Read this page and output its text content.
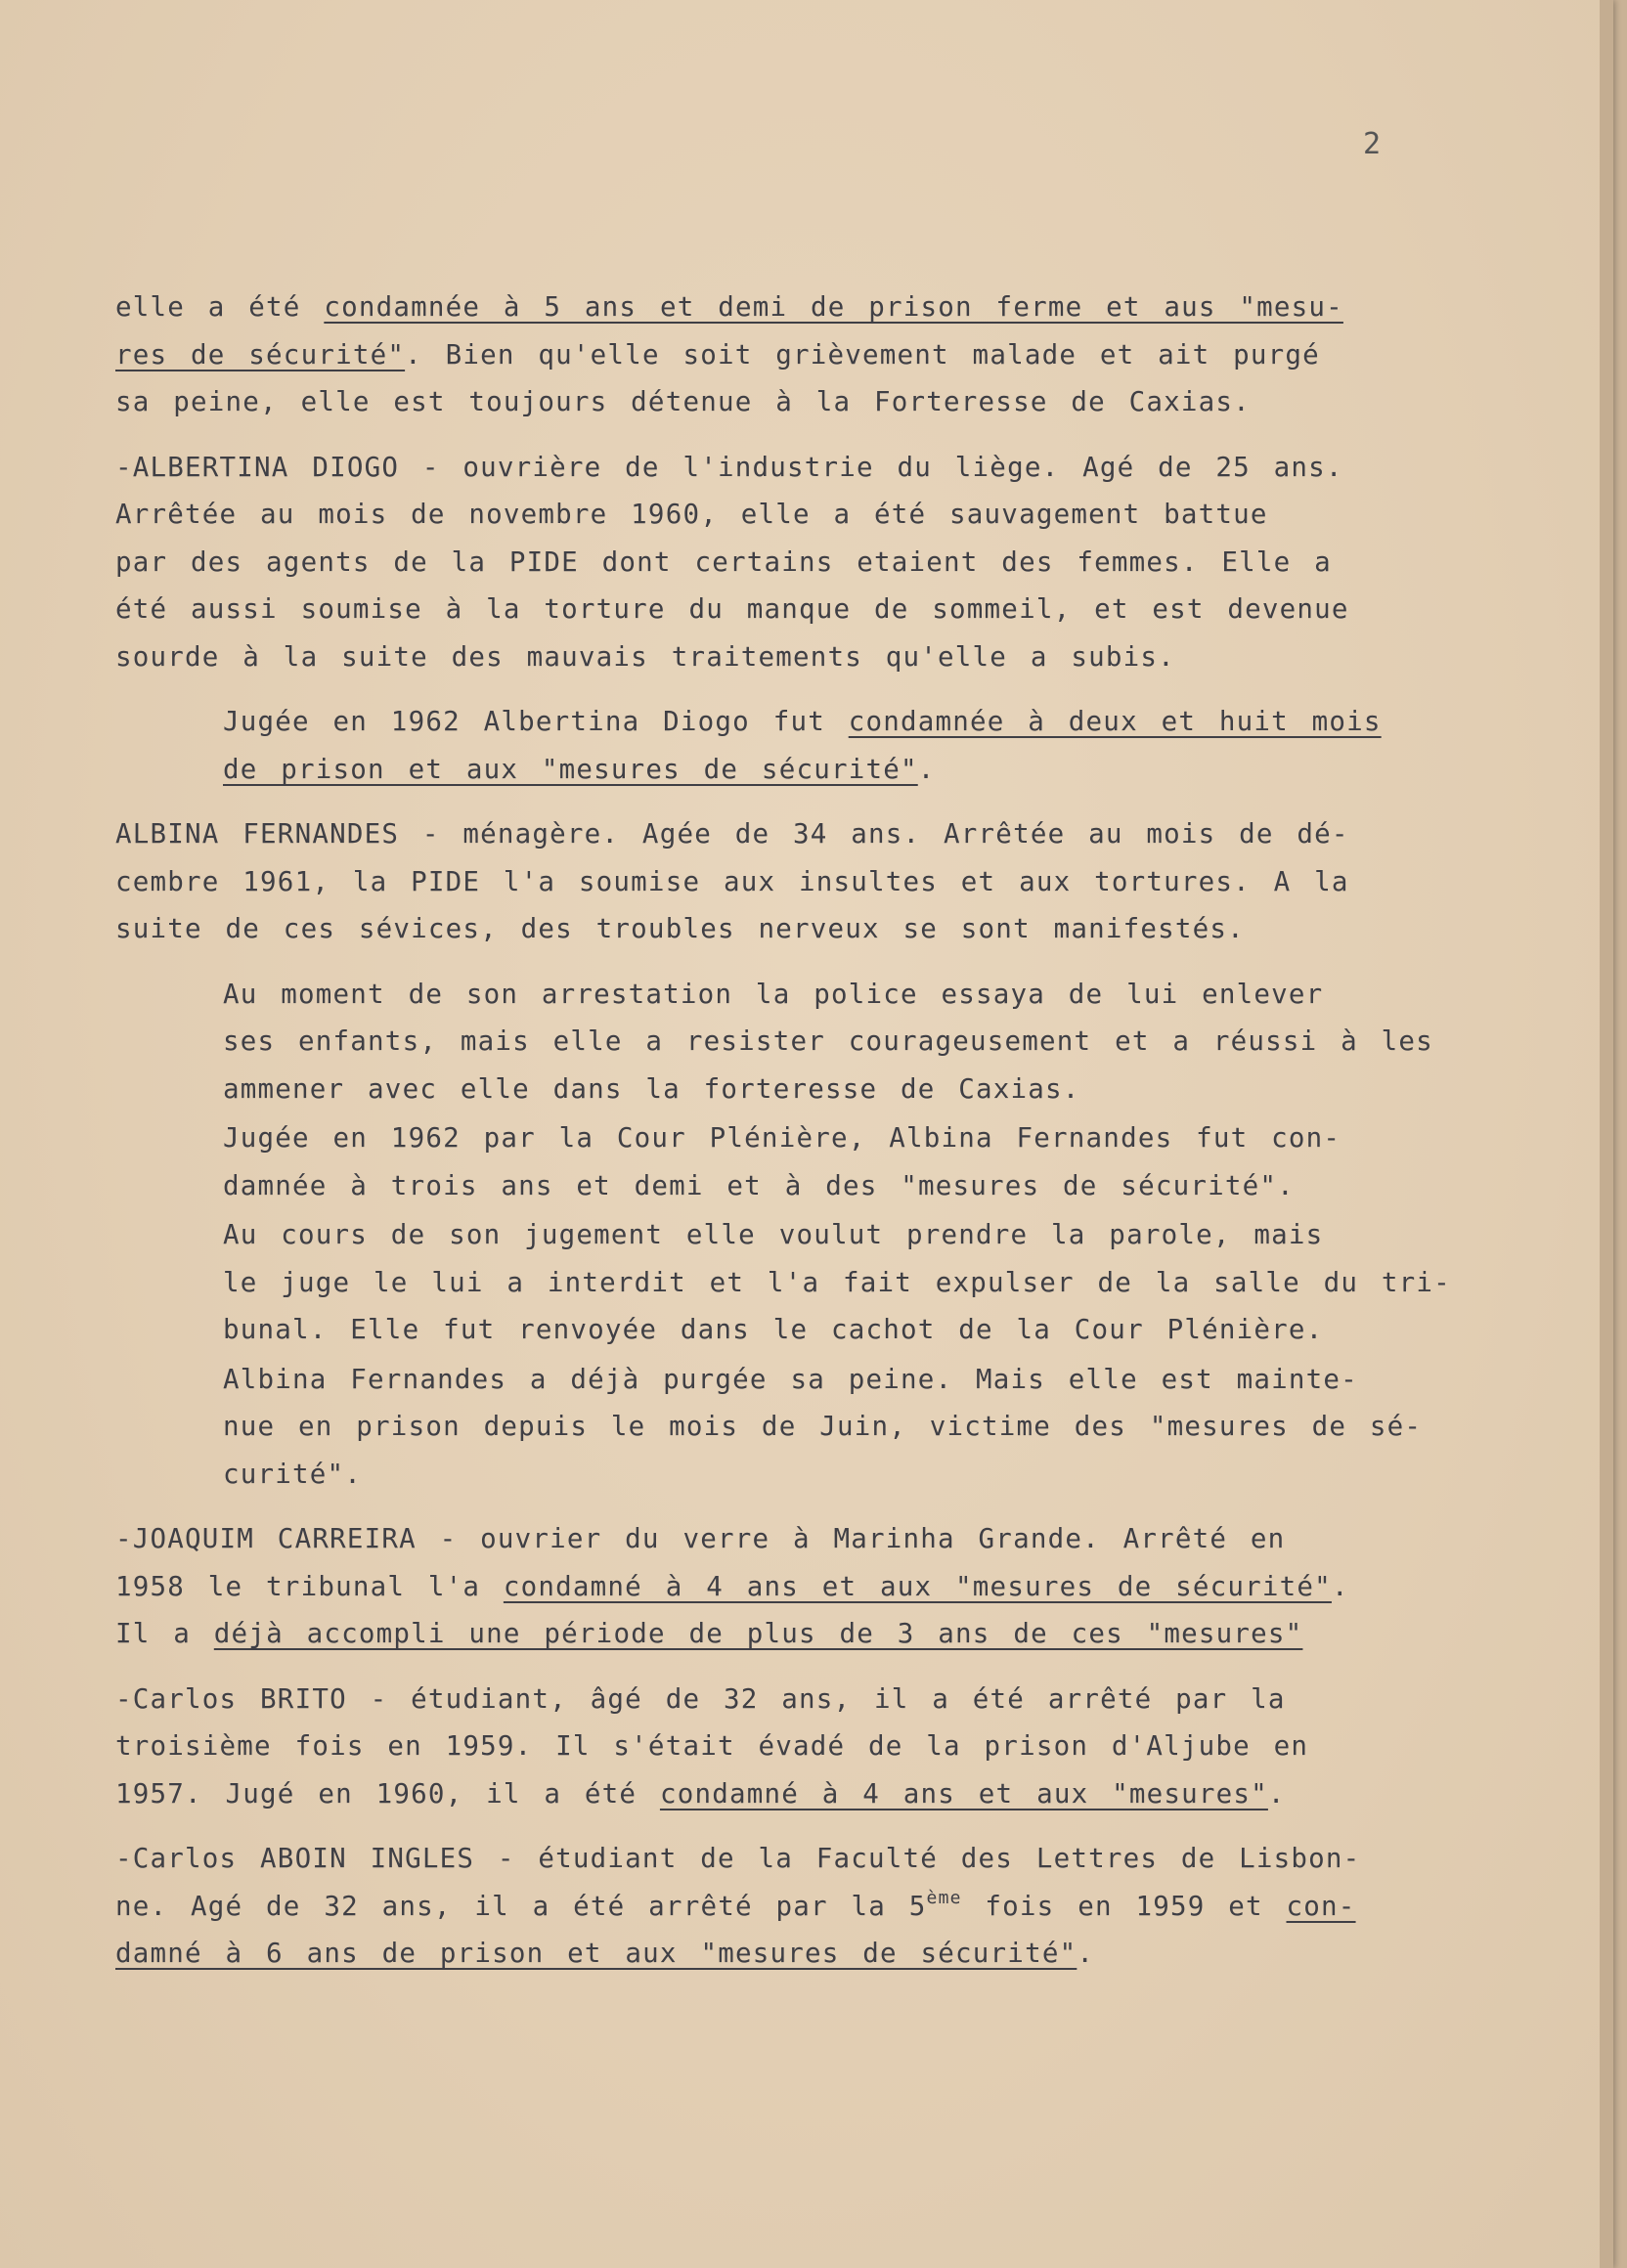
2
elle a été condamnée à 5 ans et demi de prison ferme et aus "mesu-
res de sécurité". Bien qu'elle soit grièvement malade et ait purgé
sa peine, elle est toujours détenue à la Forteresse de Caxias.
-ALBERTINA DIOGO - ouvrière de l'industrie du liège. Agé de 25 ans.
Arrêtée au mois de novembre 1960, elle a été sauvagement battue
par des agents de la PIDE dont certains etaient des femmes. Elle a
été aussi soumise à la torture du manque de sommeil, et est devenue
sourde à la suite des mauvais traitements qu'elle a subis.
Jugée en 1962 Albertina Diogo fut condamnée à deux et huit mois
de prison et aux "mesures de sécurité".
ALBINA FERNANDES - ménagère. Agée de 34 ans. Arrêtée au mois de dé-
cembre 1961, la PIDE l'a soumise aux insultes et aux tortures. A la
suite de ces sévices, des troubles nerveux se sont manifestés.
Au moment de son arrestation la police essaya de lui enlever
ses enfants, mais elle a resister courageusement et a réussi à les
ammener avec elle dans la forteresse de Caxias.
Jugée en 1962 par la Cour Plénière, Albina Fernandes fut con-
damnée à trois ans et demi et à des "mesures de sécurité".
Au cours de son jugement elle voulut prendre la parole, mais
le juge le lui a interdit et l'a fait expulser de la salle du tri-
bunal. Elle fut renvoyée dans le cachot de la Cour Plénière.
Albina Fernandes a déjà purgée sa peine. Mais elle est mainte-
nue en prison depuis le mois de Juin, victime des "mesures de sé-
curité".
-JOAQUIM CARREIRA - ouvrier du verre à Marinha Grande. Arrêté en
1958 le tribunal l'a condamné à 4 ans et aux "mesures de sécurité".
Il a déjà accompli une période de plus de 3 ans de ces "mesures"
-Carlos BRITO - étudiant, âgé de 32 ans, il a été arrêté par la
troisième fois en 1959. Il s'était évadé de la prison d'Aljube en
1957. Jugé en 1960, il a été condamné à 4 ans et aux "mesures".
-Carlos ABOIN INGLES - étudiant de la Faculté des Lettres de Lisbon-
ne. Agé de 32 ans, il a été arrêté par la 5ème fois en 1959 et con-
damné à 6 ans de prison et aux "mesures de sécurité".
